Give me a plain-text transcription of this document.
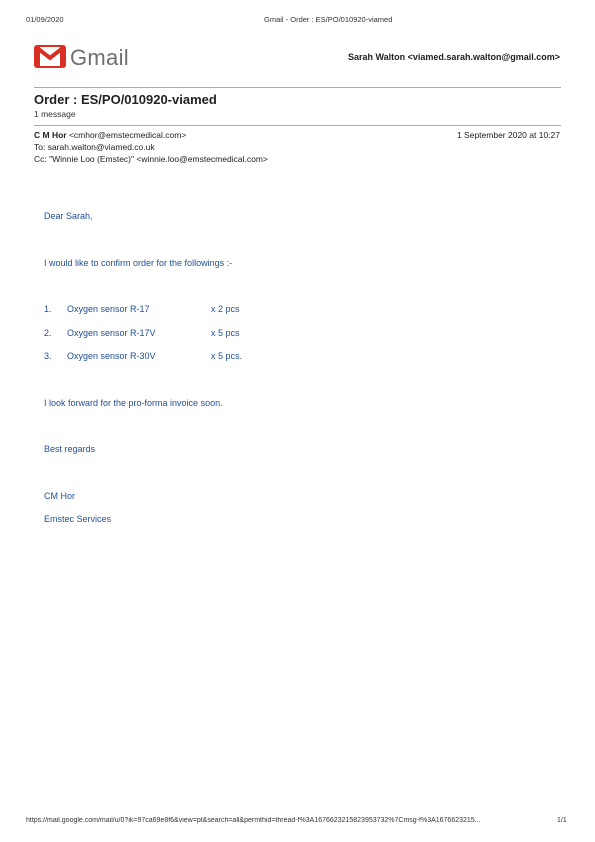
01/09/2020	Gmail - Order : ES/PO/010920-viamed
Gmail	Sarah Walton <viamed.sarah.walton@gmail.com>
Order : ES/PO/010920-viamed
1 message
C M Hor <cmhor@emstecmedical.com>	1 September 2020 at 10:27
To: sarah.walton@viamed.co.uk
Cc: "Winnie Loo (Emstec)" <winnie.loo@emstecmedical.com>
Dear Sarah,
I would like to confirm order for the followings :-
1. Oxygen sensor R-17	x 2 pcs
2. Oxygen sensor R-17V	x 5 pcs
3. Oxygen sensor R-30V	x 5 pcs.
I look forward for the pro-forma invoice soon.
Best regards
CM Hor
Emstec Services
https://mail.google.com/mail/u/0?ik=97ca69e8f6&view=pt&search=all&permthid=thread-f%3A1676623215823953732%7Cmsg-f%3A1676623215...	1/1
